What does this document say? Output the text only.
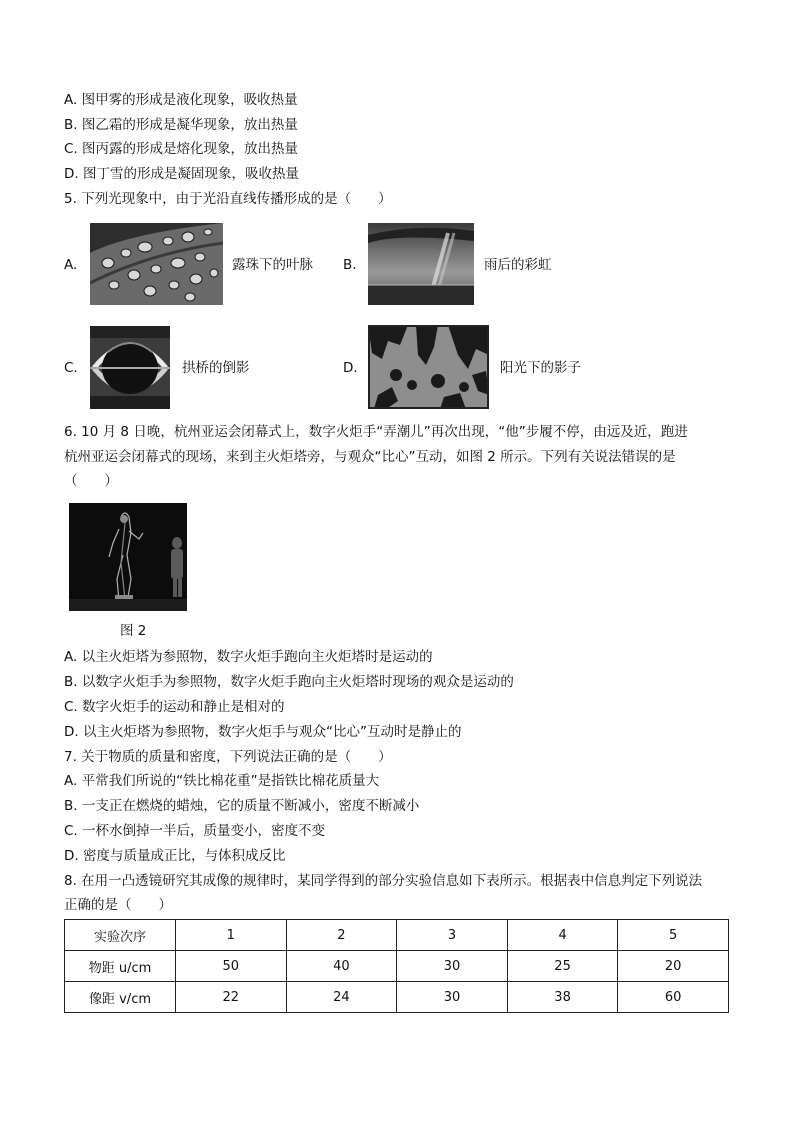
A. 图甲雾的形成是液化现象，吸收热量
B. 图乙霜的形成是凝华现象，放出热量
C. 图丙露的形成是熔化现象，放出热量
D. 图丁雪的形成是凝固现象，吸收热量
5. 下列光现象中，由于光沿直线传播形成的是（　　）
A.	露珠下的叶脉 B.	雨后的彩虹
C.	拱桥的倒影	D.	阳光下的影子
6. 10 月 8 日晚，杭州亚运会闭幕式上，数字火炬手“弄潮儿”再次出现，“他”步履不停，由远及近，跑进
杭州亚运会闭幕式的现场，来到主火炬塔旁，与观众“比心”互动，如图 2 所示。下列有关说法错误的是
（　　）
图 2
A. 以主火炬塔为参照物，数字火炬手跑向主火炬塔时是运动的
B. 以数字火炬手为参照物，数字火炬手跑向主火炬塔时现场的观众是运动的
C. 数字火炬手的运动和静止是相对的
D. 以主火炬塔为参照物，数字火炬手与观众“比心”互动时是静止的
7. 关于物质的质量和密度，下列说法正确的是（　　）
A. 平常我们所说的“铁比棉花重”是指铁比棉花质量大
B. 一支正在燃烧的蜡烛，它的质量不断减小，密度不断减小
C. 一杯水倒掉一半后，质量变小，密度不变
D. 密度与质量成正比，与体积成反比
8. 在用一凸透镜研究其成像的规律时，某同学得到的部分实验信息如下表所示。根据表中信息判定下列说法
正确的是（　　）
实验次序	1	2	3	4	5
物距 u/cm	50	40	30	25	20
像距 v/cm	22	24	30	38	60
